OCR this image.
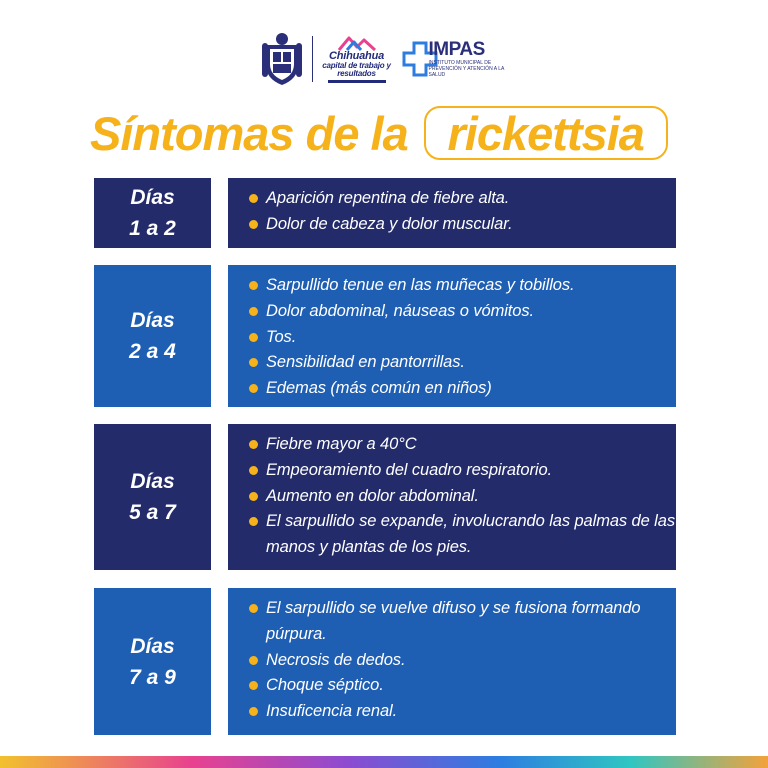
Chihuahua
capital de trabajo y resultados
IMPAS
INSTITUTO MUNICIPAL DE PREVENCIÓN Y ATENCIÓN A LA SALUD
Síntomas de la rickettsia
Días
1 a 2
Aparición repentina de fiebre alta.
Dolor de cabeza y dolor muscular.
Días
2 a 4
Sarpullido tenue en las muñecas y tobillos.
Dolor abdominal, náuseas o vómitos.
Tos.
Sensibilidad en pantorrillas.
Edemas (más común en niños)
Días
5 a 7
Fiebre mayor a 40°C
Empeoramiento del cuadro respiratorio.
Aumento en dolor abdominal.
El sarpullido se expande, involucrando las palmas de las manos y plantas de los pies.
Días
7 a 9
El sarpullido se vuelve difuso y se fusiona formando púrpura.
Necrosis de dedos.
Choque séptico.
Insuficencia renal.
